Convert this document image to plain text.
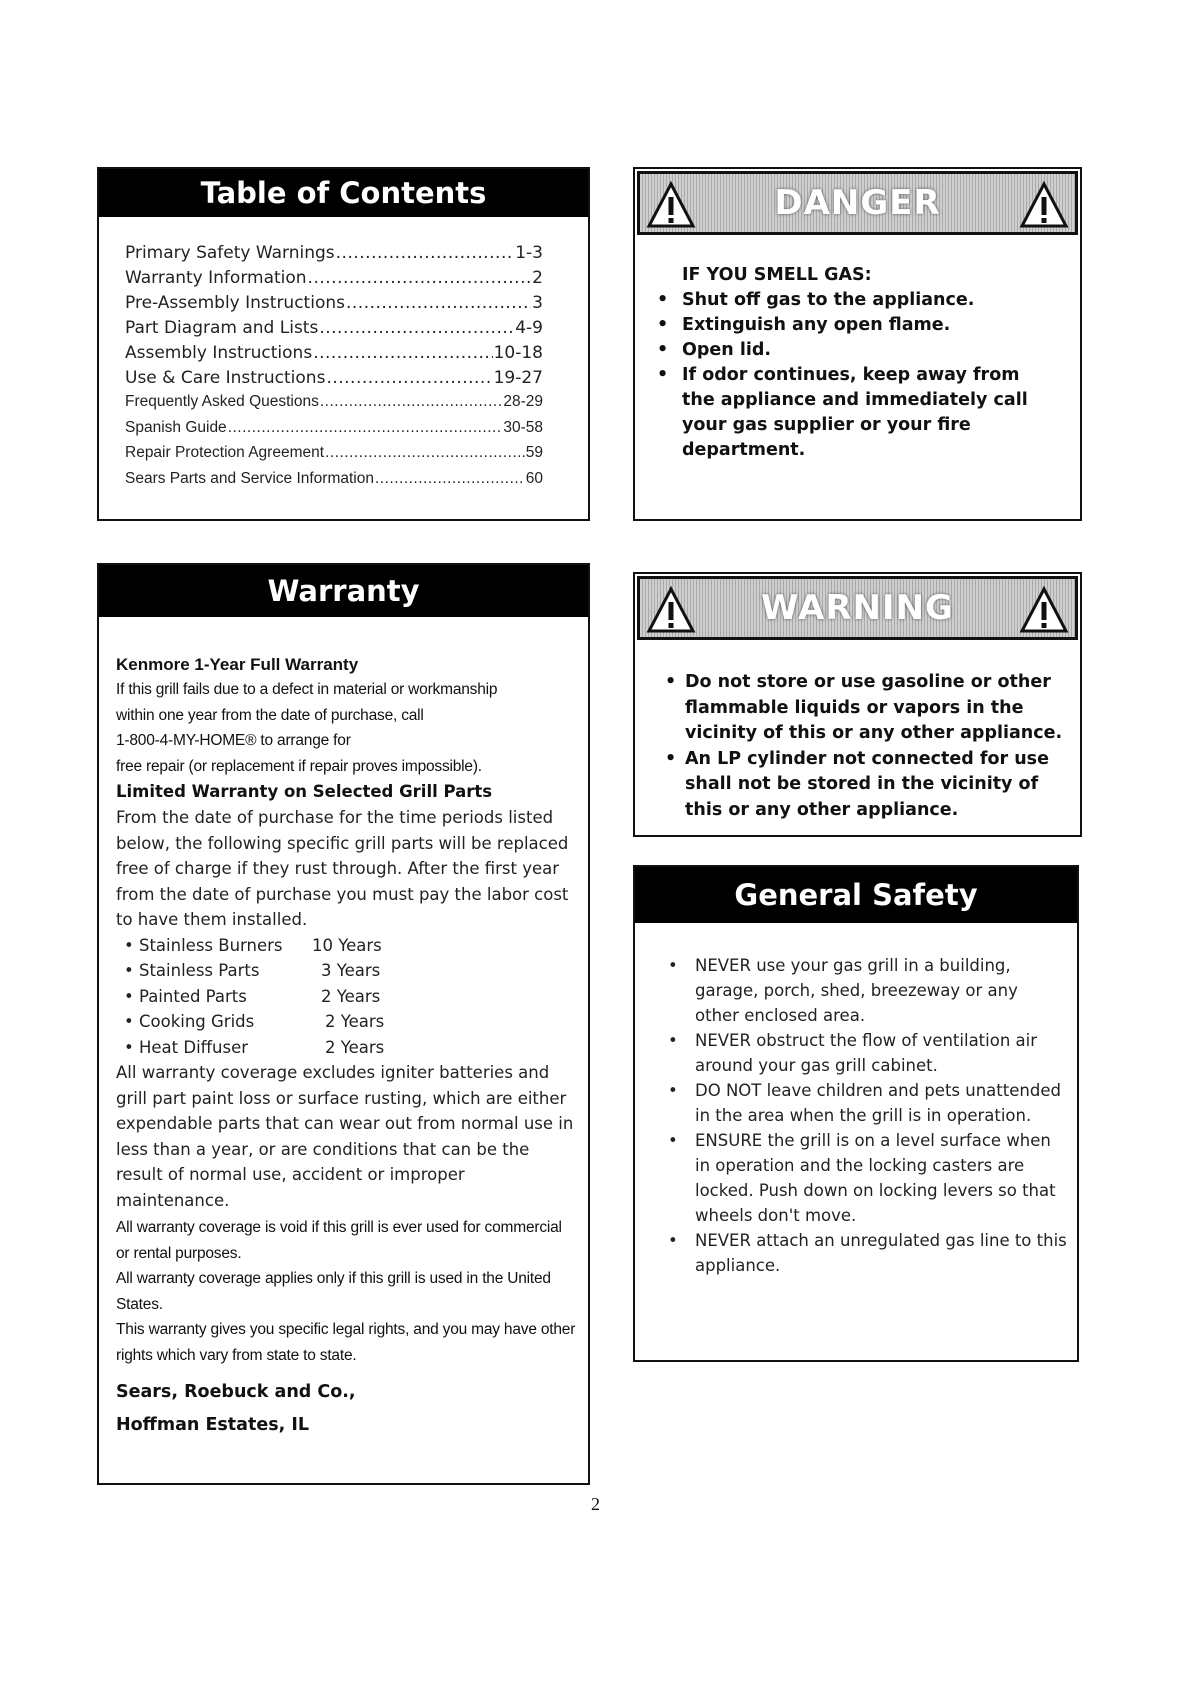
Table of Contents
Primary Safety Warnings .....	1-3
Warranty Information .....	2
Pre-Assembly Instructions .....	3
Part Diagram and Lists .....	4-9
Assembly Instructions .....	10-18
Use & Care Instructions .....	19-27
Frequently Asked Questions .....	28-29
Spanish Guide .....	30-58
Repair Protection Agreement .....	.59
Sears Parts and Service Information .....	60
DANGER
IF YOU SMELL GAS:
• Shut off gas to the appliance.
• Extinguish any open flame.
• Open lid.
• If odor continues, keep away from the appliance and immediately call your gas supplier or your fire department.
Warranty
Kenmore 1-Year Full Warranty
If this grill fails due to a defect in material or workmanship
within one year from the date of purchase, call
1-800-4-MY-HOME® to arrange for
free repair (or replacement if repair proves impossible).
Limited Warranty on Selected Grill Parts
From the date of purchase for the time periods listed below, the following specific grill parts will be replaced free of charge if they rust through. After the first year from the date of purchase you must pay the labor cost to have them installed.
• Stainless Burners	10 Years
• Stainless Parts	3 Years
• Painted Parts	2 Years
• Cooking Grids	2 Years
• Heat Diffuser	2 Years
All warranty coverage excludes igniter batteries and grill part paint loss or surface rusting, which are either expendable parts that can wear out from normal use in less than a year, or are conditions that can be the result of normal use, accident or improper maintenance.
All warranty coverage is void if this grill is ever used for commercial or rental purposes.
All warranty coverage applies only if this grill is used in the United States.
This warranty gives you specific legal rights, and you may have other rights which vary from state to state.
Sears, Roebuck and Co.,
Hoffman Estates, IL
WARNING
• Do not store or use gasoline or other flammable liquids or vapors in the vicinity of this or any other appliance.
• An LP cylinder not connected for use shall not be stored in the vicinity of this or any other appliance.
General Safety
• NEVER use your gas grill in a building, garage, porch, shed, breezeway or any other enclosed area.
• NEVER obstruct the flow of ventilation air around your gas grill cabinet.
• DO NOT leave children and pets unattended in the area when the grill is in operation.
• ENSURE the grill is on a level surface when in operation and the locking casters are locked. Push down on locking levers so that wheels don't move.
• NEVER attach an unregulated gas line to this appliance.
2
